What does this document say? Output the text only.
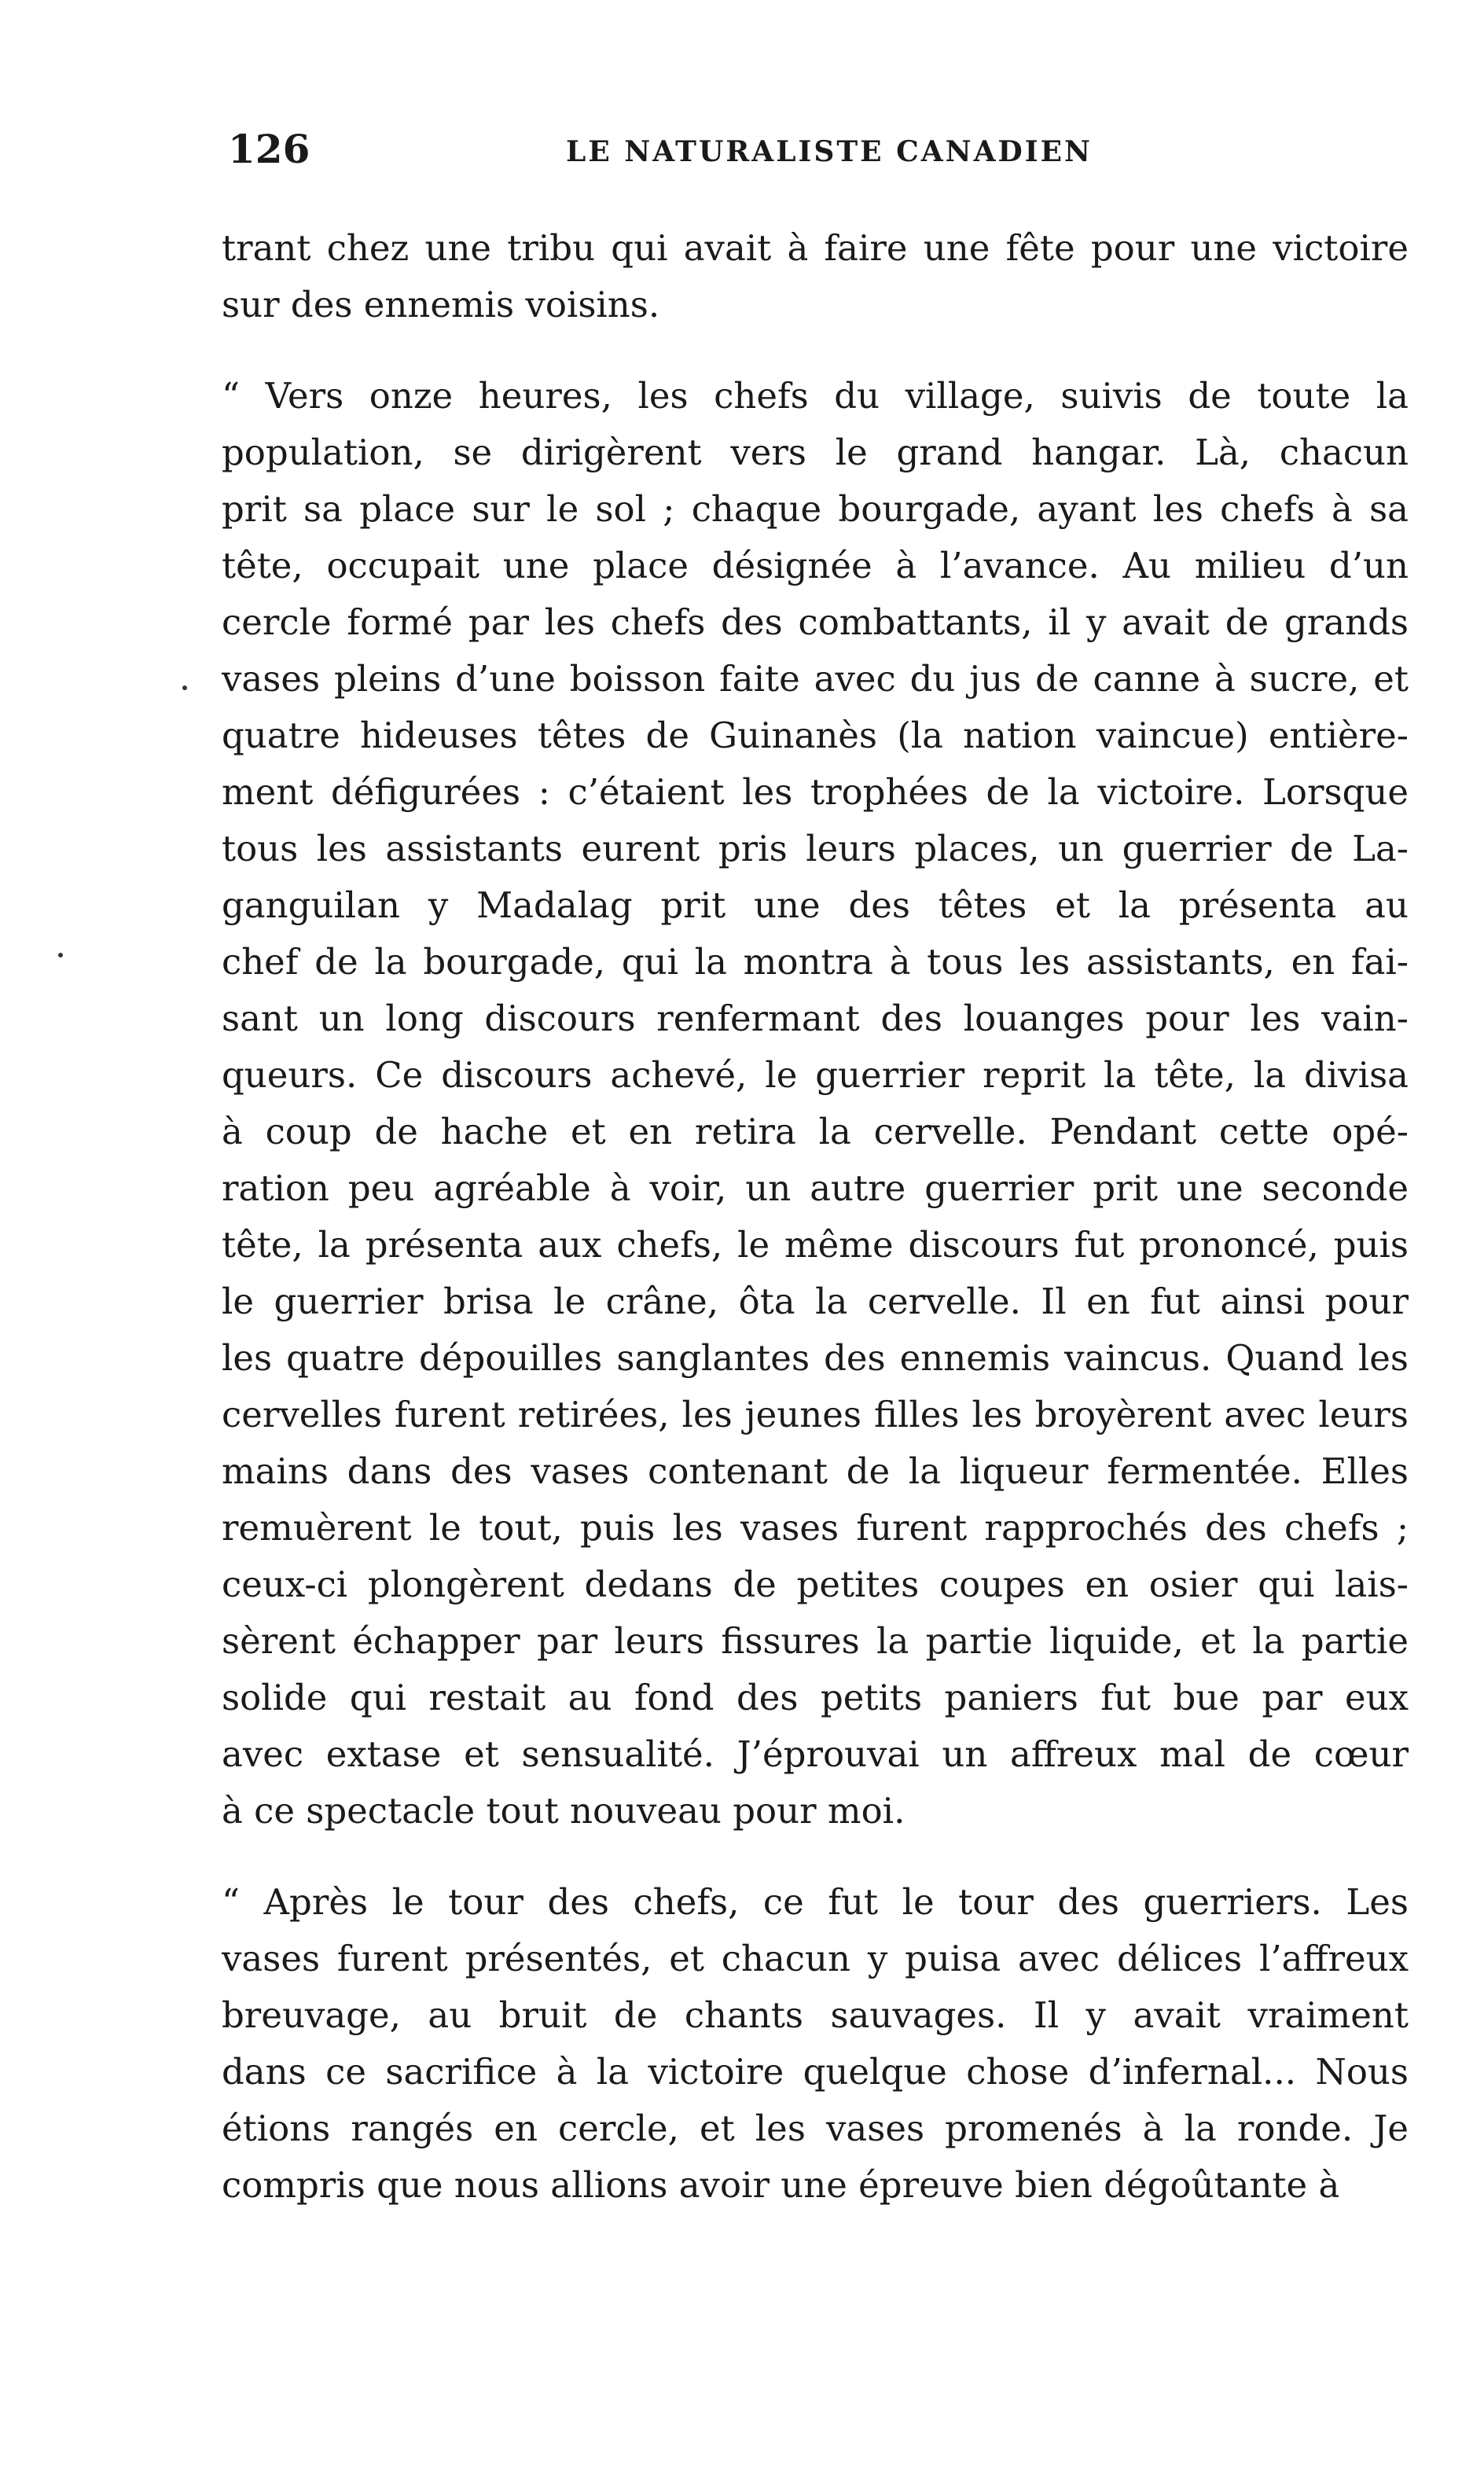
126	LE NATURALISTE CANADIEN
trant chez une tribu qui avait à faire une fête pour une victoire
sur des ennemis voisins.
“ Vers onze heures, les chefs du village, suivis de toute la
population, se dirigèrent vers le grand hangar. Là, chacun
prit sa place sur le sol ; chaque bourgade, ayant les chefs à sa
tête, occupait une place désignée à l’avance. Au milieu d’un
cercle formé par les chefs des combattants, il y avait de grands
vases pleins d’une boisson faite avec du jus de canne à sucre, et
quatre hideuses têtes de Guinanès (la nation vaincue) entière-
ment défigurées : c’étaient les trophées de la victoire. Lorsque
tous les assistants eurent pris leurs places, un guerrier de La-
ganguilan y Madalag prit une des têtes et la présenta au
chef de la bourgade, qui la montra à tous les assistants, en fai-
sant un long discours renfermant des louanges pour les vain-
queurs. Ce discours achevé, le guerrier reprit la tête, la divisa
à coup de hache et en retira la cervelle. Pendant cette opé-
ration peu agréable à voir, un autre guerrier prit une seconde
tête, la présenta aux chefs, le même discours fut prononcé, puis
le guerrier brisa le crâne, ôta la cervelle. Il en fut ainsi pour
les quatre dépouilles sanglantes des ennemis vaincus. Quand les
cervelles furent retirées, les jeunes filles les broyèrent avec leurs
mains dans des vases contenant de la liqueur fermentée. Elles
remuèrent le tout, puis les vases furent rapprochés des chefs ;
ceux-ci plongèrent dedans de petites coupes en osier qui lais-
sèrent échapper par leurs fissures la partie liquide, et la partie
solide qui restait au fond des petits paniers fut bue par eux
avec extase et sensualité. J’éprouvai un affreux mal de cœur
à ce spectacle tout nouveau pour moi.
“ Après le tour des chefs, ce fut le tour des guerriers. Les
vases furent présentés, et chacun y puisa avec délices l’affreux
breuvage, au bruit de chants sauvages. Il y avait vraiment
dans ce sacrifice à la victoire quelque chose d’infernal... Nous
étions rangés en cercle, et les vases promenés à la ronde. Je
compris que nous allions avoir une épreuve bien dégoûtante à
